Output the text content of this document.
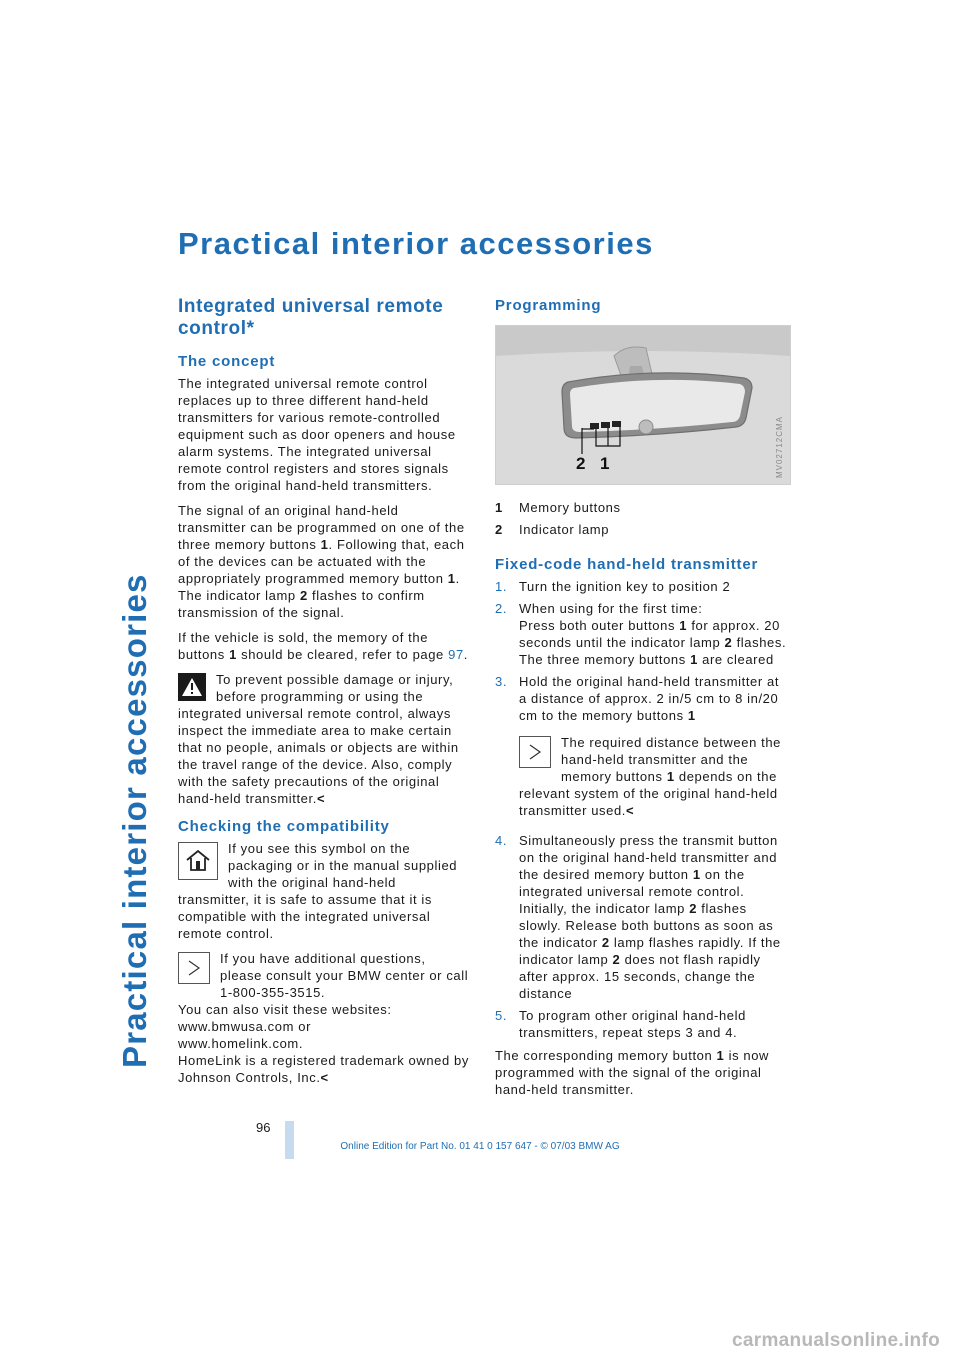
Practical interior accessories
Practical interior accessories
Integrated universal remote control*
The concept

The integrated universal remote control replaces up to three different hand-held transmitters for various remote-controlled equipment such as door openers and house alarm systems. The integrated universal remote control registers and stores signals from the original hand-held transmitters.

The signal of an original hand-held transmitter can be programmed on one of the three memory buttons 1. Following that, each of the devices can be actuated with the appropriately programmed memory button 1. The indicator lamp 2 flashes to confirm transmission of the signal.

If the vehicle is sold, the memory of the buttons 1 should be cleared, refer to page 97.

To prevent possible damage or injury, before programming or using the integrated universal remote control, always inspect the immediate area to make certain that no people, animals or objects are within the travel range of the device. Also, comply with the safety precautions of the original hand-held transmitter.<
Checking the compatibility
If you see this symbol on the packaging or in the manual supplied with the original hand-held transmitter, it is safe to assume that it is compatible with the integrated universal remote control.
If you have additional questions, please consult your BMW center or call 1-800-355-3515.
You can also visit these websites:
www.bmwusa.com or
www.homelink.com.
HomeLink is a registered trademark owned by Johnson Controls, Inc.<
Programming
2 1	MV02712CMA
1	Memory buttons
2	Indicator lamp
Fixed-code hand-held transmitter
1. Turn the ignition key to position 2
2. When using for the first time:
Press both outer buttons 1 for approx. 20 seconds until the indicator lamp 2 flashes. The three memory buttons 1 are cleared
3. Hold the original hand-held transmitter at a distance of approx. 2 in/5 cm to 8 in/20 cm to the memory buttons 1
The required distance between the hand-held transmitter and the memory buttons 1 depends on the relevant system of the original hand-held transmitter used.<
4. Simultaneously press the transmit button on the original hand-held transmitter and the desired memory button 1 on the integrated universal remote control. Initially, the indicator lamp 2 flashes slowly. Release both buttons as soon as the indicator 2 lamp flashes rapidly. If the indicator lamp 2 does not flash rapidly after approx. 15 seconds, change the distance
5. To program other original hand-held transmitters, repeat steps 3 and 4.

The corresponding memory button 1 is now programmed with the signal of the original hand-held transmitter.

96
Online Edition for Part No. 01 41 0 157 647 - © 07/03 BMW AG
carmanualsonline.info
